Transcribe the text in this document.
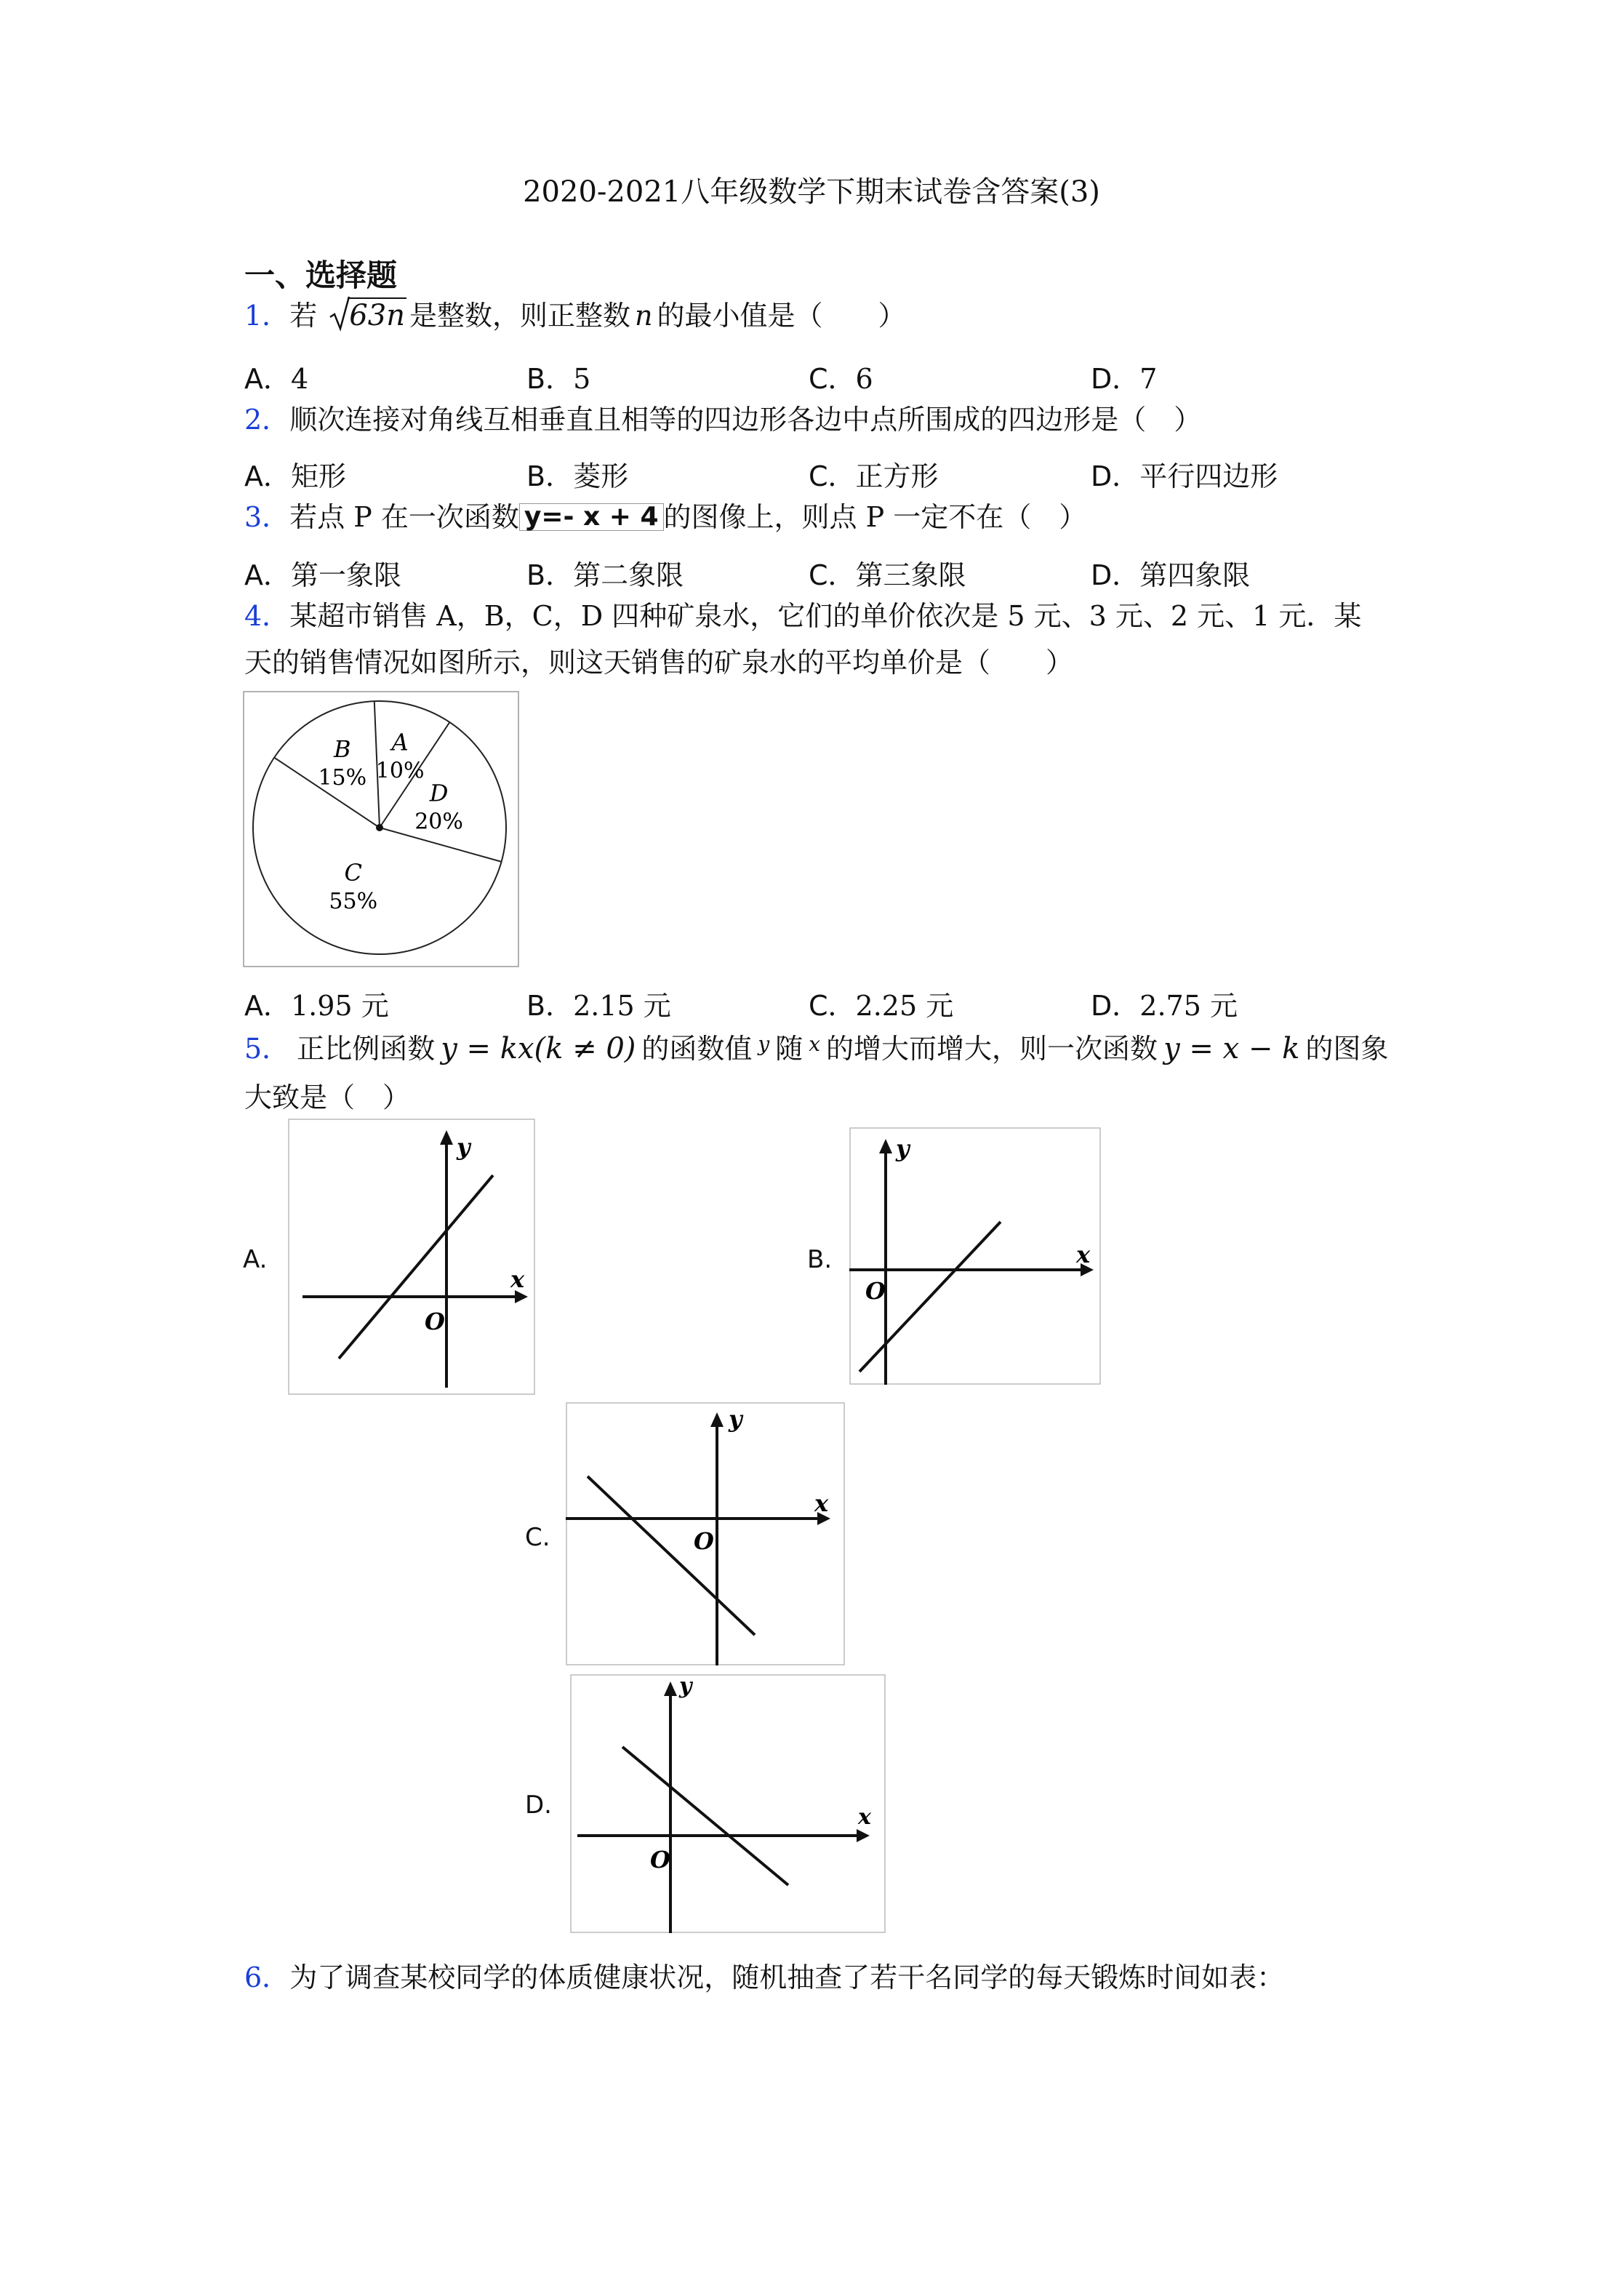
2020-2021八年级数学下期末试卷含答案(3)
一、选择题
1．若 63n 是整数，则正整数 n 的最小值是（　　）
A．4	B．5	C．6	D．7
2．顺次连接对角线互相垂直且相等的四边形各边中点所围成的四边形是（　）
A．矩形	B．菱形	C．正方形	D．平行四边形
3．若点 P 在一次函数 y=- x + 4 的图像上，则点 P 一定不在（　）
A．第一象限	B．第二象限	C．第三象限	D．第四象限
4．某超市销售 A，B，C，D 四种矿泉水，它们的单价依次是 5 元、3 元、2 元、1 元．某
天的销售情况如图所示，则这天销售的矿泉水的平均单价是（　　）
A
10%
D
20%
C
55%
B
15%
A．1.95 元	B．2.15 元	C．2.25 元	D．2.75 元
5． 正比例函数 y = kx(k ≠ 0) 的函数值 $^y$ 随 $^x$ 的增大而增大，则一次函数 y = x − k 的图象
大致是（　）
A.
x
y
O
B.	x
y
O
C.
x
y
O
D.	x
y
O
6．为了调查某校同学的体质健康状况，随机抽查了若干名同学的每天锻炼时间如表：
